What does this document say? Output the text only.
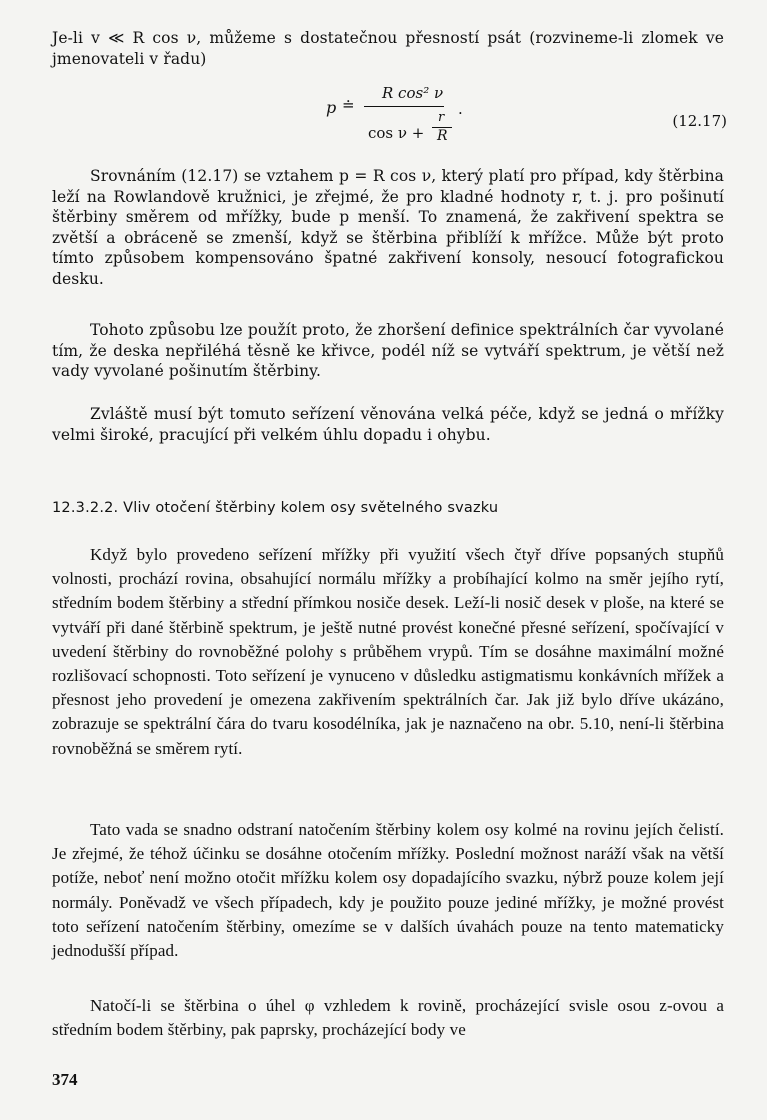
Je-li v ≪ R cos ν, můžeme s dostatečnou přesností psát (rozvineme-li zlomek ve jmenovateli v řadu)

p ≐
R cos² ν
cos ν +
r
R
.
(12.17)

Srovnáním (12.17) se vztahem p = R cos ν, který platí pro případ, kdy štěrbina leží na Rowlandově kružnici, je zřejmé, že pro kladné hodnoty r, t. j. pro pošinutí štěrbiny směrem od mřížky, bude p menší. To znamená, že zakřivení spektra se zvětší a obráceně se zmenší, když se štěrbina přiblíží k mřížce. Může být proto tímto způsobem kompensováno špatné zakřivení konsoly, nesoucí fotografickou desku.

Tohoto způsobu lze použít proto, že zhoršení definice spektrálních čar vyvolané tím, že deska nepřiléhá těsně ke křivce, podél níž se vytváří spektrum, je větší než vady vyvolané pošinutím štěrbiny.

Zvláště musí být tomuto seřízení věnována velká péče, když se jedná o mřížky velmi široké, pracující při velkém úhlu dopadu i ohybu.

12.3.2.2. Vliv otočení štěrbiny kolem osy světelného svazku

Když bylo provedeno seřízení mřížky při využití všech čtyř dříve popsaných stupňů volnosti, prochází rovina, obsahující normálu mřížky a probíhající kolmo na směr jejího rytí, středním bodem štěrbiny a střední přímkou nosiče desek. Leží-li nosič desek v ploše, na které se vytváří při dané štěrbině spektrum, je ještě nutné provést konečné přesné seřízení, spočívající v uvedení štěrbiny do rovnoběžné polohy s průběhem vrypů. Tím se dosáhne maximální možné rozlišovací schopnosti. Toto seřízení je vynuceno v důsledku astigmatismu konkávních mřížek a přesnost jeho provedení je omezena zakřivením spektrálních čar. Jak již bylo dříve ukázáno, zobrazuje se spektrální čára do tvaru kosodélníka, jak je naznačeno na obr. 5.10, není-li štěrbina rovnoběžná se směrem rytí.

Tato vada se snadno odstraní natočením štěrbiny kolem osy kolmé na rovinu jejích čelistí. Je zřejmé, že téhož účinku se dosáhne otočením mřížky. Poslední možnost naráží však na větší potíže, neboť není možno otočit mřížku kolem osy dopadajícího svazku, nýbrž pouze kolem její normály. Poněvadž ve všech případech, kdy je použito pouze jediné mřížky, je možné provést toto seřízení natočením štěrbiny, omezíme se v dalších úvahách pouze na tento matematicky jednodušší případ.

Natočí-li se štěrbina o úhel φ vzhledem k rovině, procházející svisle osou z-ovou a středním bodem štěrbiny, pak paprsky, procházející body ve

374
